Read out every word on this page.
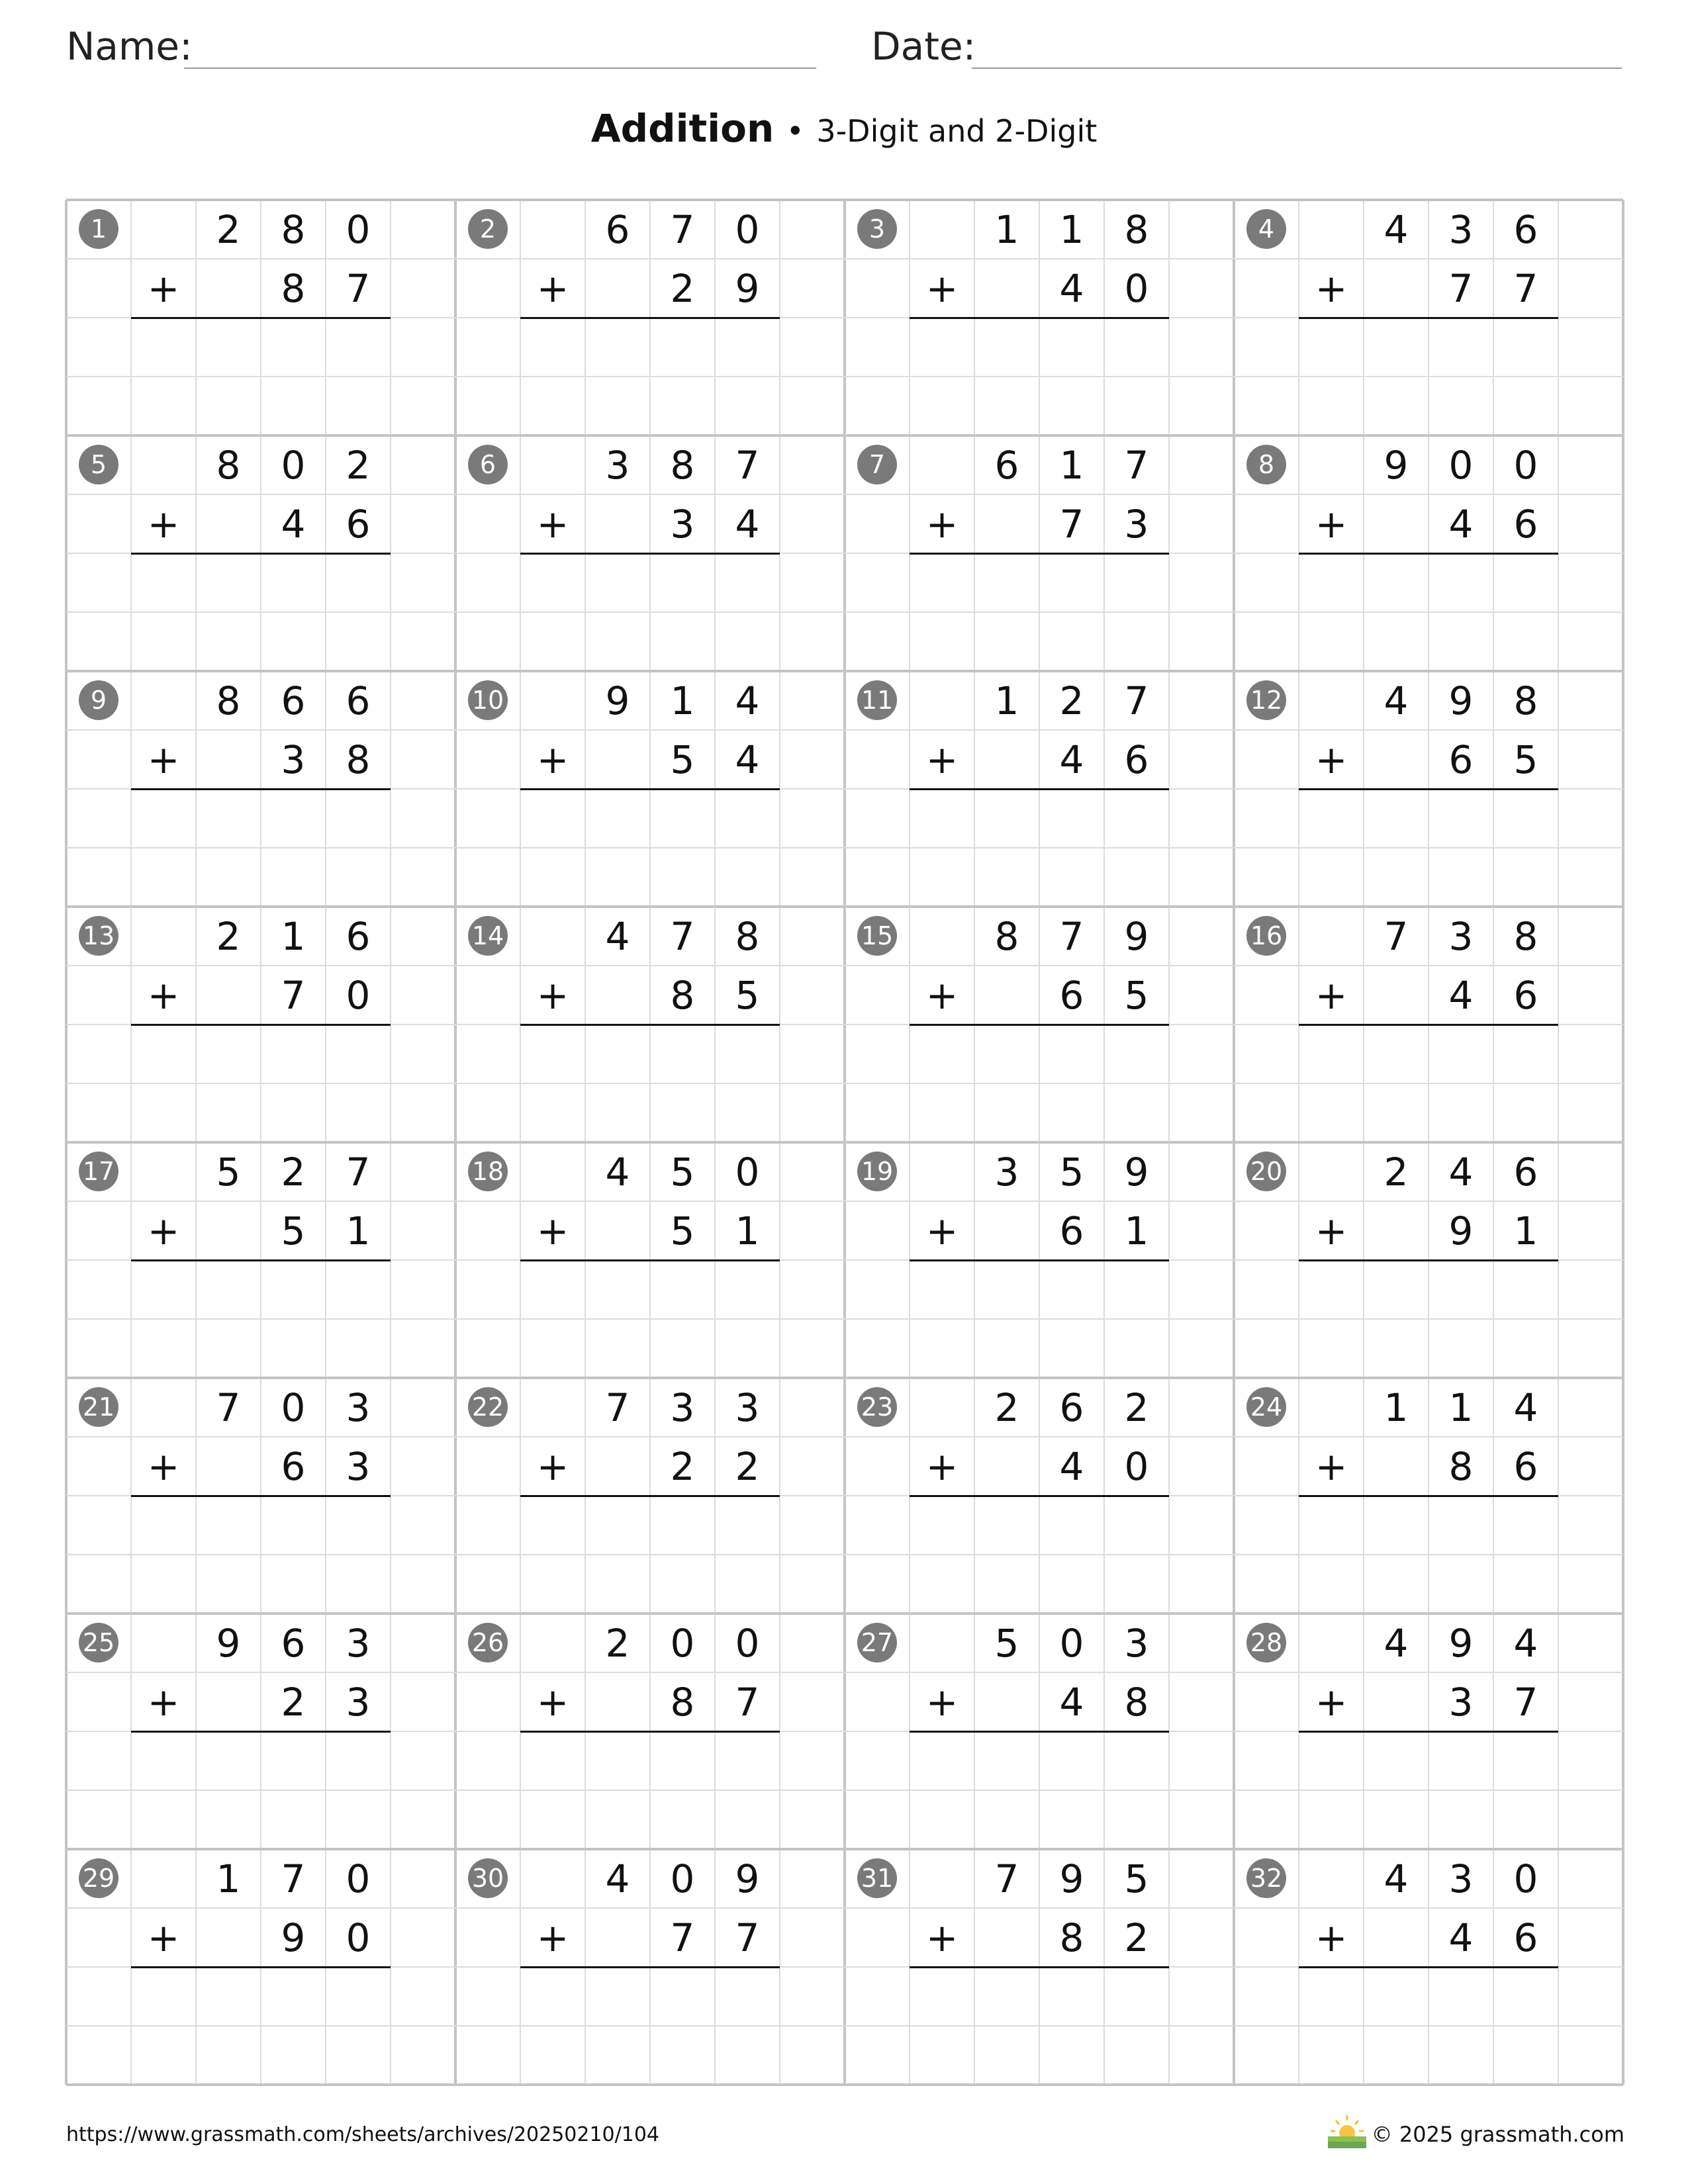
Name:	Date:
Addition • 3-Digit and 2-Digit
1	2	8	0
8	7
+
2	6	7	0
2	9
+
3	1	1	8
4	0
+
4	4	3	6
7	7
+
5	8	0	2
4	6
+
6	3	8	7
3	4
+
7	6	1	7
7	3
+
8	9	0	0
4	6
+
9	8	6	6
3	8
+
10	9	1	4
5	4
+
11	1	2	7
4	6
+
12	4	9	8
6	5
+
13	2	1	6
7	0
+
14	4	7	8
8	5
+
15	8	7	9
6	5
+
16	7	3	8
4	6
+
17	5	2	7
5	1
+
18	4	5	0
5	1
+
19	3	5	9
6	1
+
20	2	4	6
9	1
+
21	7	0	3
6	3
+
22	7	3	3
2	2
+
23	2	6	2
4	0
+
24	1	1	4
8	6
+
25	9	6	3
2	3
+
26	2	0	0
8	7
+
27	5	0	3
4	8
+
28	4	9	4
3	7
+
29	1	7	0
9	0
+
30	4	0	9
7	7
+
31	7	9	5
8	2
+
32	4	3	0
4	6
+
https://www.grassmath.com/sheets/archives/20250210/104	© 2025 grassmath.com
